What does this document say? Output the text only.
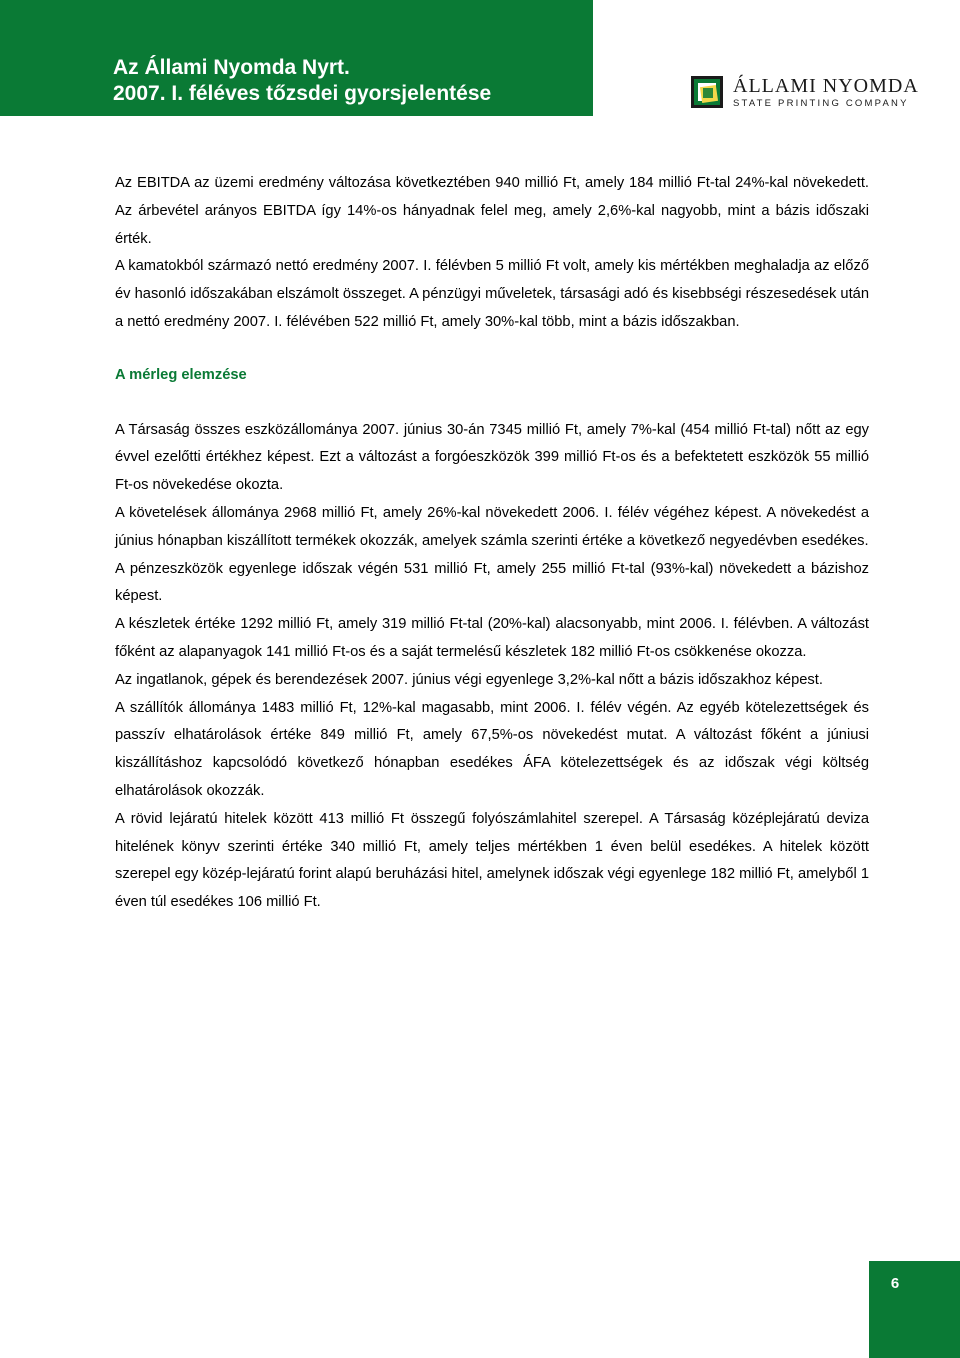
Az Állami Nyomda Nyrt.
2007. I. féléves tőzsdei gyorsjelentése	ÁLLAMI NYOMDA
STATE PRINTING COMPANY

Az EBITDA az üzemi eredmény változása következtében 940 millió Ft, amely 184 millió Ft-tal 24%-kal növekedett. Az árbevétel arányos EBITDA így 14%-os hányadnak felel meg, amely 2,6%-kal nagyobb, mint a bázis időszaki érték.

A kamatokból származó nettó eredmény 2007. I. félévben 5 millió Ft volt, amely kis mértékben meghaladja az előző év hasonló időszakában elszámolt összeget. A pénzügyi műveletek, társasági adó és kisebbségi részesedések után a nettó eredmény 2007. I. félévében 522 millió Ft, amely 30%-kal több, mint a bázis időszakban.

A mérleg elemzése

A Társaság összes eszközállománya 2007. június 30-án 7345 millió Ft, amely 7%-kal (454 millió Ft-tal) nőtt az egy évvel ezelőtti értékhez képest. Ezt a változást a forgóeszközök 399 millió Ft-os és a befektetett eszközök 55 millió Ft-os növekedése okozta.

A követelések állománya 2968 millió Ft, amely 26%-kal növekedett 2006. I. félév végéhez képest. A növekedést a június hónapban kiszállított termékek okozzák, amelyek számla szerinti értéke a következő negyedévben esedékes.

A pénzeszközök egyenlege időszak végén 531 millió Ft, amely 255 millió Ft-tal (93%-kal) növekedett a bázishoz képest.

A készletek értéke 1292 millió Ft, amely 319 millió Ft-tal (20%-kal) alacsonyabb, mint 2006. I. félévben. A változást főként az alapanyagok 141 millió Ft-os és a saját termelésű készletek 182 millió Ft-os csökkenése okozza.

Az ingatlanok, gépek és berendezések 2007. június végi egyenlege 3,2%-kal nőtt a bázis időszakhoz képest.

A szállítók állománya 1483 millió Ft, 12%-kal magasabb, mint 2006. I. félév végén. Az egyéb kötelezettségek és passzív elhatárolások értéke 849 millió Ft, amely 67,5%-os növekedést mutat. A változást főként a júniusi kiszállításhoz kapcsolódó következő hónapban esedékes ÁFA kötelezettségek és az időszak végi költség elhatárolások okozzák.

A rövid lejáratú hitelek között 413 millió Ft összegű folyószámlahitel szerepel. A Társaság középlejáratú deviza hitelének könyv szerinti értéke 340 millió Ft, amely teljes mértékben 1 éven belül esedékes. A hitelek között szerepel egy közép-lejáratú forint alapú beruházási hitel, amelynek időszak végi egyenlege 182 millió Ft, amelyből 1 éven túl esedékes 106 millió Ft.

6
